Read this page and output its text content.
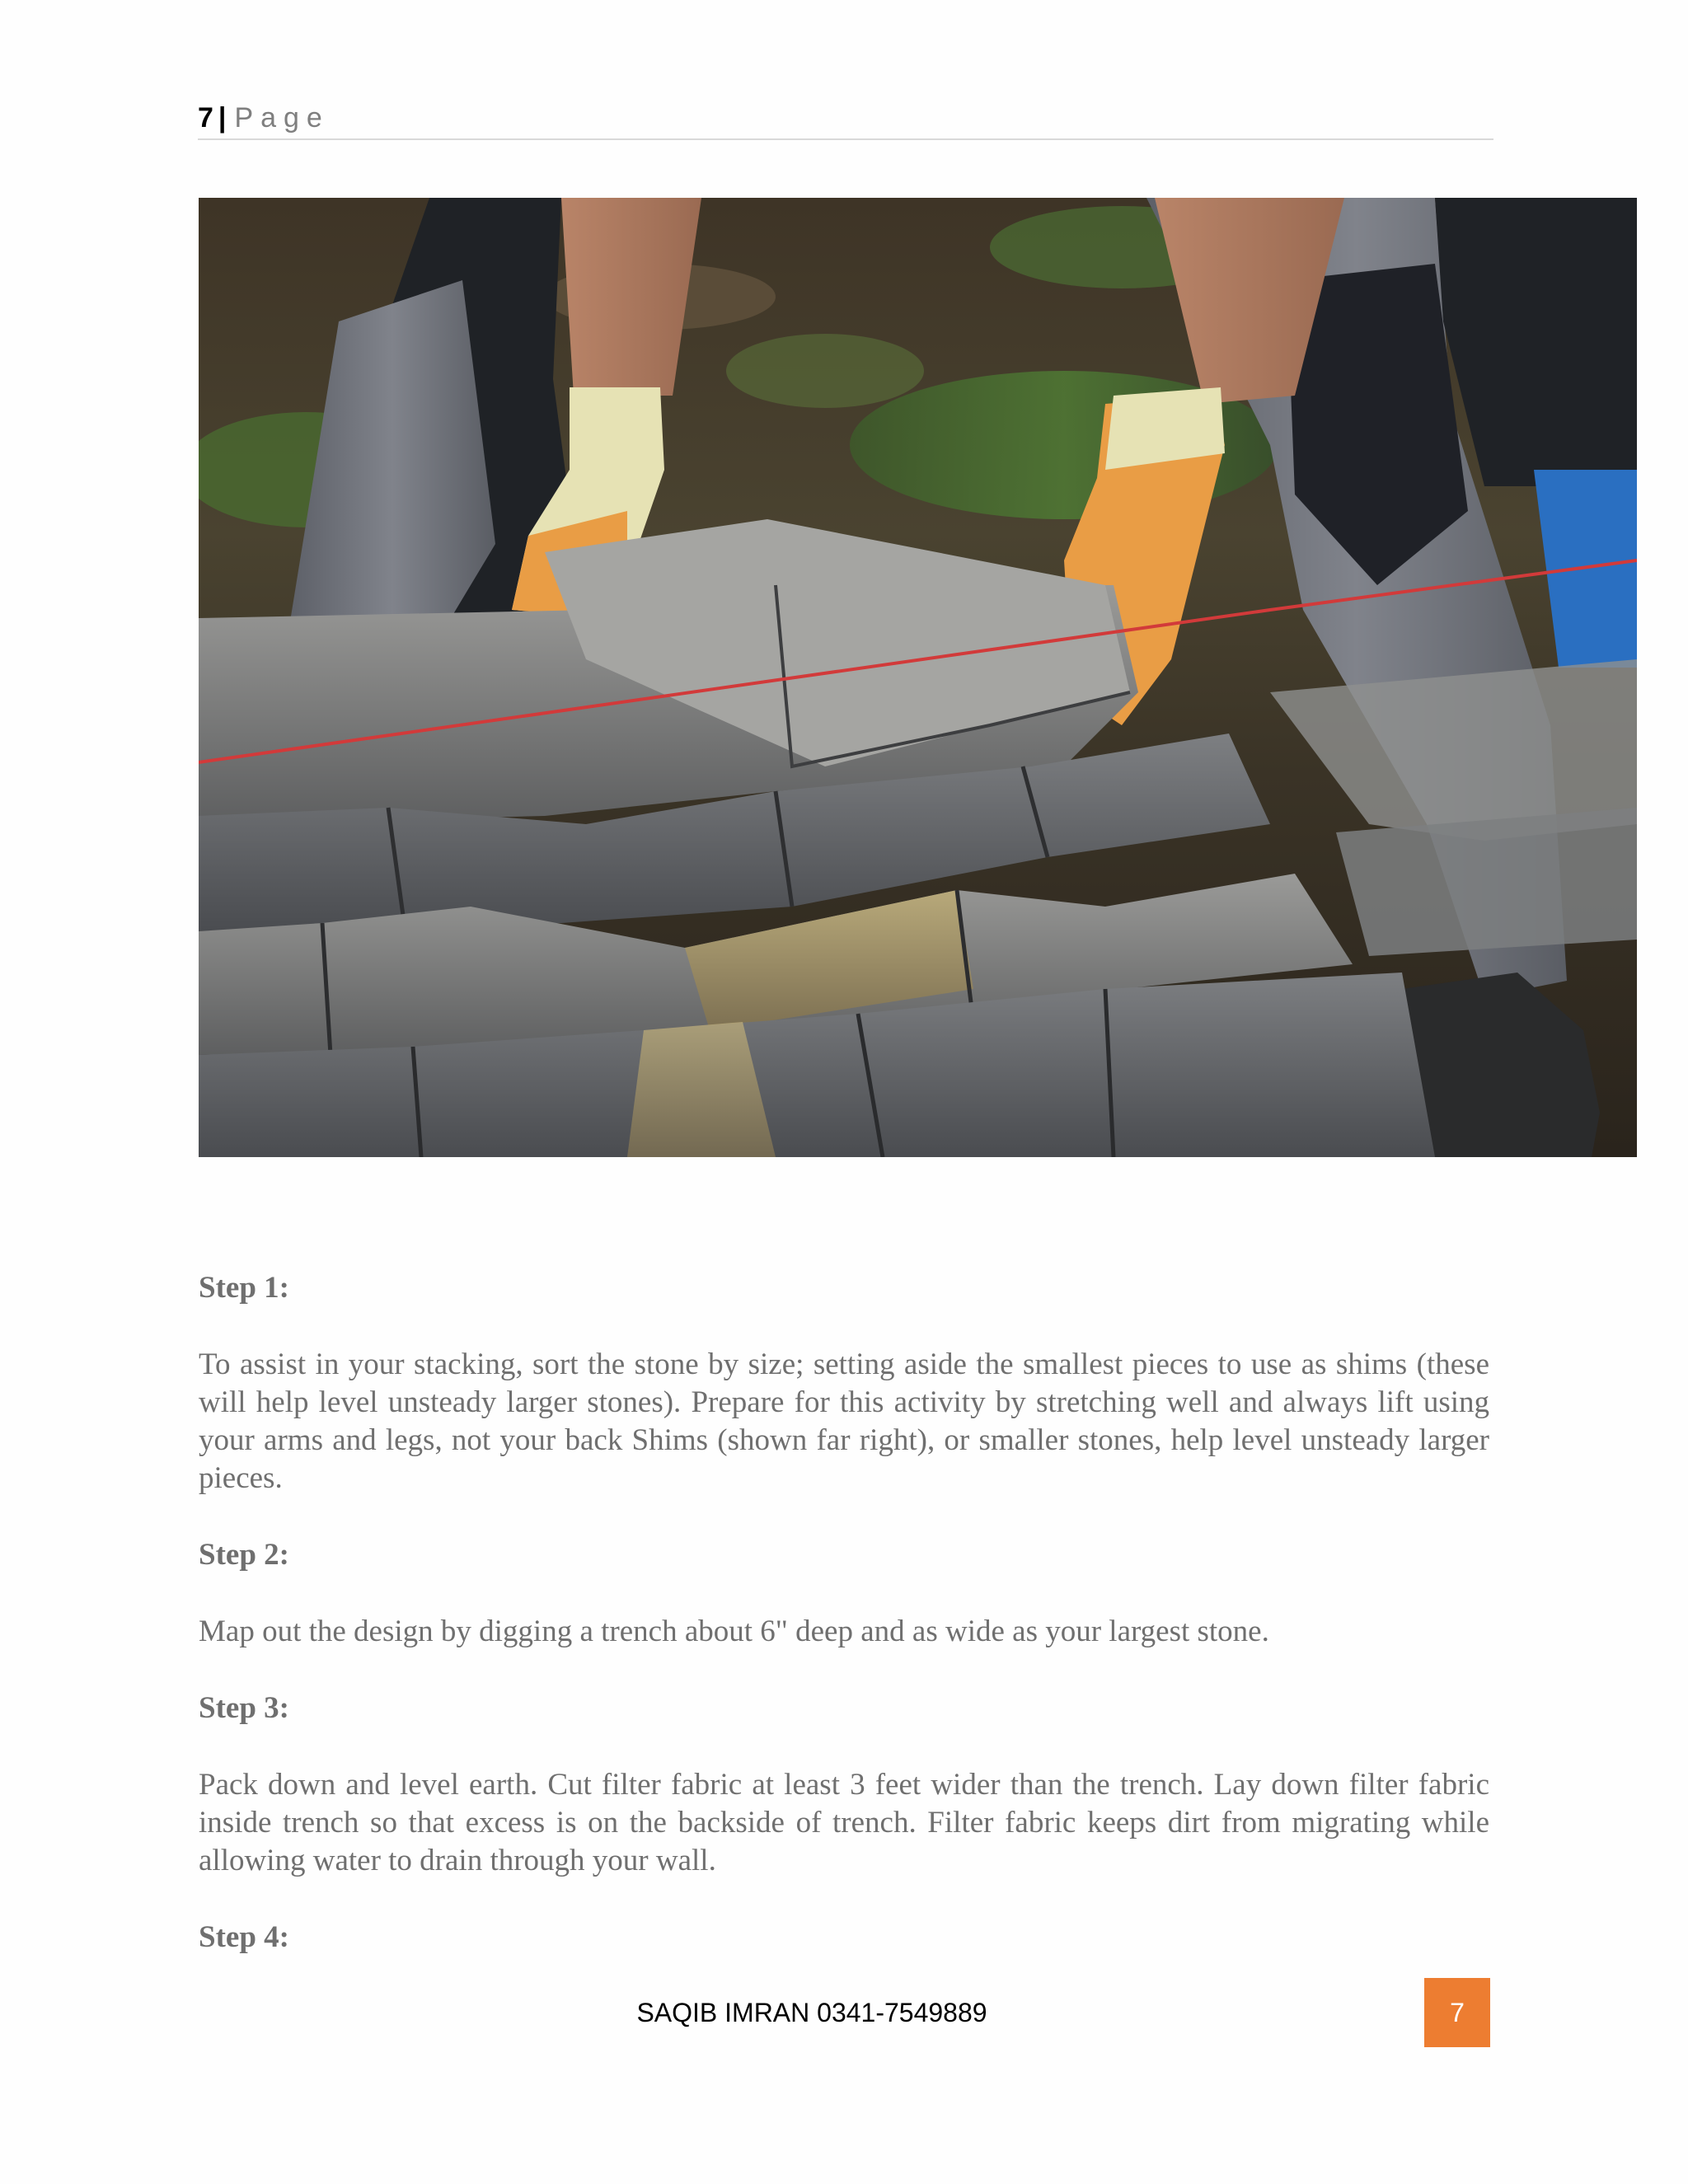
7 | Page

Step 1:

To assist in your stacking, sort the stone by size; setting aside the smallest pieces to use as shims (these will help level unsteady larger stones). Prepare for this activity by stretching well and always lift using your arms and legs, not your back Shims (shown far right), or smaller stones, help level unsteady larger pieces.

Step 2:

Map out the design by digging a trench about 6" deep and as wide as your largest stone.

Step 3:

Pack down and level earth. Cut filter fabric at least 3 feet wider than the trench. Lay down filter fabric inside trench so that excess is on the backside of trench. Filter fabric keeps dirt from migrating while allowing water to drain through your wall.

Step 4:

SAQIB IMRAN 0341-7549889	7
